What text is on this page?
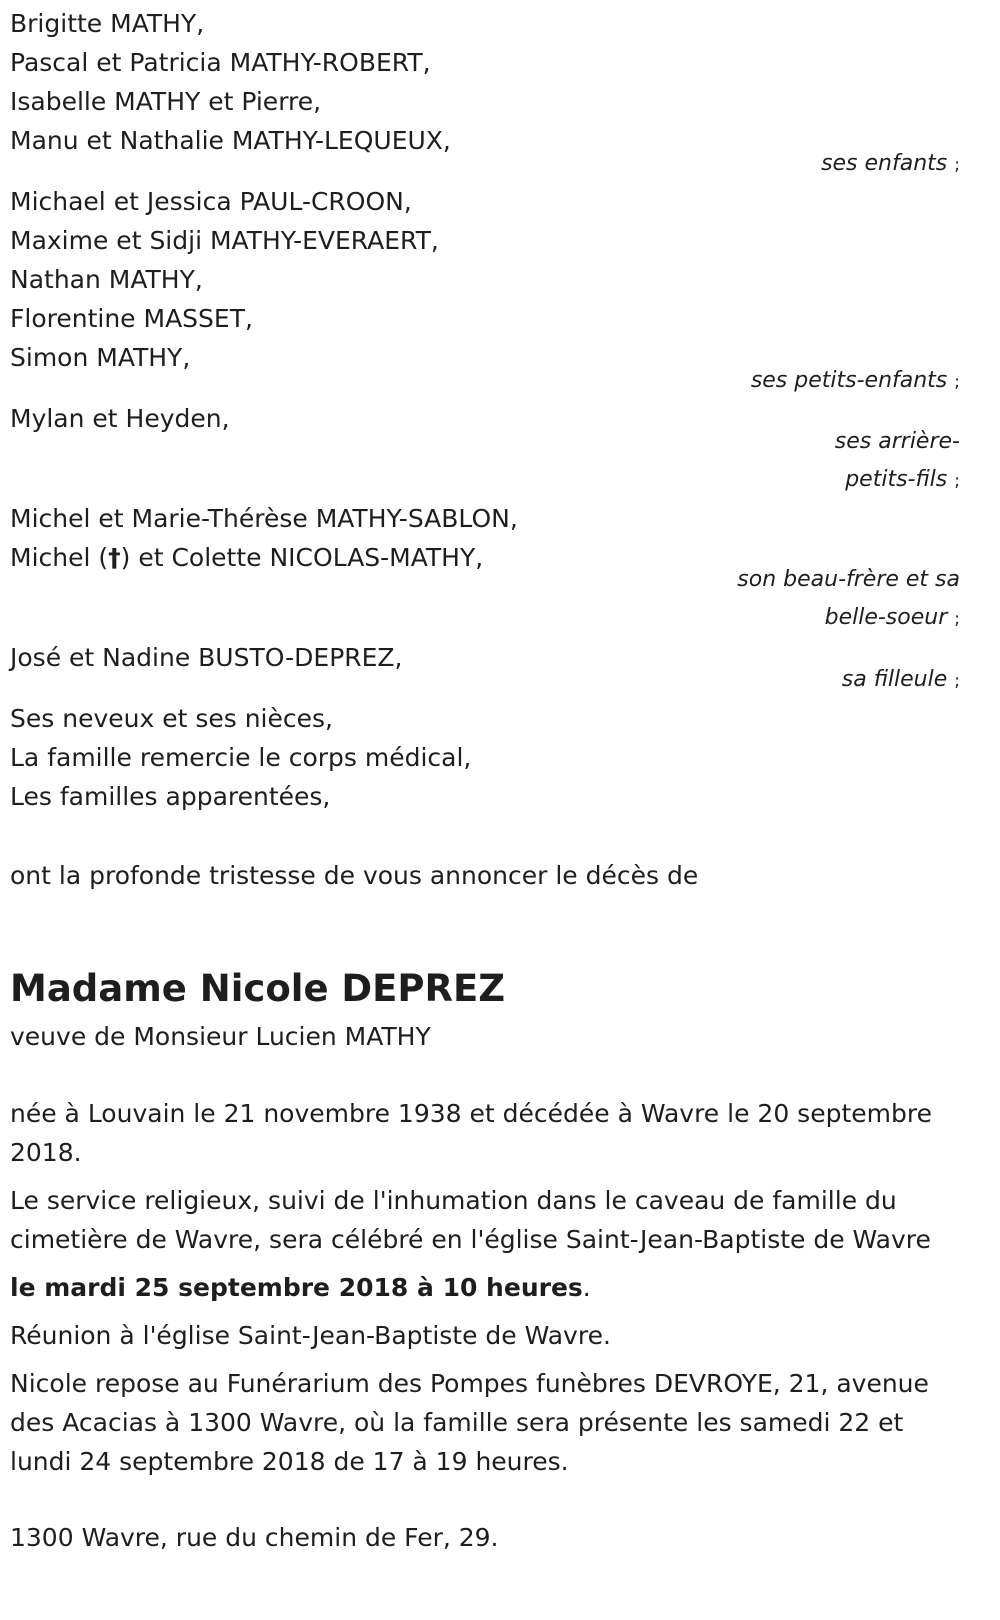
Brigitte MATHY,
Pascal et Patricia MATHY-ROBERT,
Isabelle MATHY et Pierre,
Manu et Nathalie MATHY-LEQUEUX,
ses enfants ;
Michael et Jessica PAUL-CROON,
Maxime et Sidji MATHY-EVERAERT,
Nathan MATHY,
Florentine MASSET,
Simon MATHY,
ses petits-enfants ;
Mylan et Heyden,
ses arrière-
petits-fils ;
Michel et Marie-Thérèse MATHY-SABLON,
Michel (†) et Colette NICOLAS-MATHY,
son beau-frère et sa
belle-soeur ;
José et Nadine BUSTO-DEPREZ,
sa filleule ;
Ses neveux et ses nièces,
La famille remercie le corps médical,
Les familles apparentées,
ont la profonde tristesse de vous annoncer le décès de
Madame Nicole DEPREZ
veuve de Monsieur Lucien MATHY
née à Louvain le 21 novembre 1938 et décédée à Wavre le 20 septembre
2018.
Le service religieux, suivi de l'inhumation dans le caveau de famille du
cimetière de Wavre, sera célébré en l'église Saint-Jean-Baptiste de Wavre
le mardi 25 septembre 2018 à 10 heures.
Réunion à l'église Saint-Jean-Baptiste de Wavre.
Nicole repose au Funérarium des Pompes funèbres DEVROYE, 21, avenue
des Acacias à 1300 Wavre, où la famille sera présente les samedi 22 et
lundi 24 septembre 2018 de 17 à 19 heures.
1300 Wavre, rue du chemin de Fer, 29.
